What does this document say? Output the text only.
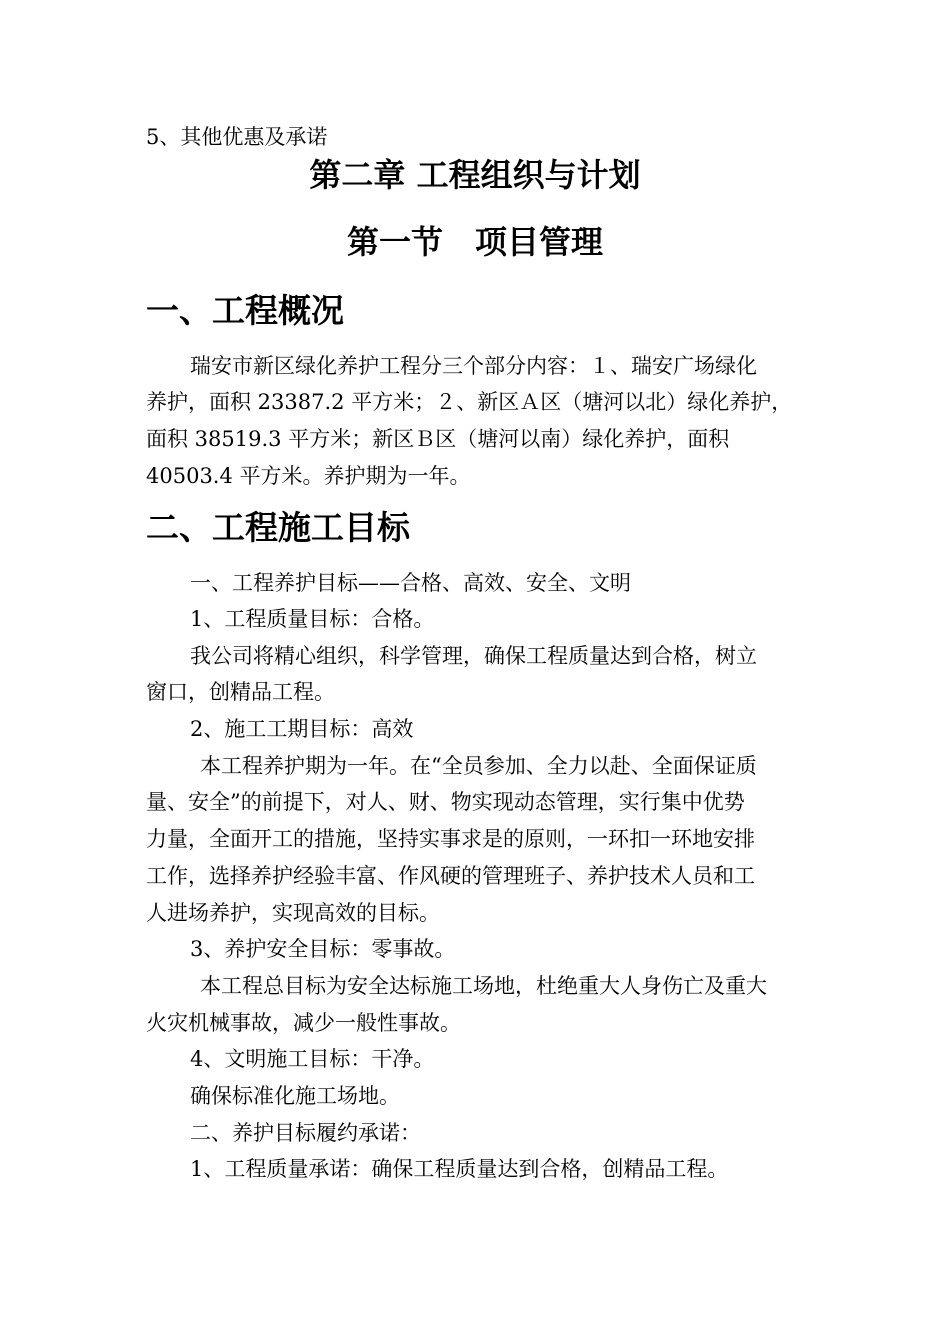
5、其他优惠及承诺
第二章 工程组织与计划
第一节　项目管理
一、工程概况
瑞安市新区绿化养护工程分三个部分内容：１、瑞安广场绿化
养护，面积 23387.2 平方米；２、新区Ａ区（塘河以北）绿化养护，
面积 38519.3 平方米；新区Ｂ区（塘河以南）绿化养护，面积
40503.4 平方米。养护期为一年。
二、工程施工目标
一、工程养护目标——合格、高效、安全、文明
1、工程质量目标：合格。
我公司将精心组织，科学管理，确保工程质量达到合格，树立
窗口，创精品工程。
2、施工工期目标：高效
本工程养护期为一年。在“全员参加、全力以赴、全面保证质
量、安全”的前提下，对人、财、物实现动态管理，实行集中优势
力量，全面开工的措施，坚持实事求是的原则，一环扣一环地安排
工作，选择养护经验丰富、作风硬的管理班子、养护技术人员和工
人进场养护，实现高效的目标。
3、养护安全目标：零事故。
本工程总目标为安全达标施工场地，杜绝重大人身伤亡及重大
火灾机械事故，减少一般性事故。
4、文明施工目标：干净。
确保标准化施工场地。
二、养护目标履约承诺：
1、工程质量承诺：确保工程质量达到合格，创精品工程。
